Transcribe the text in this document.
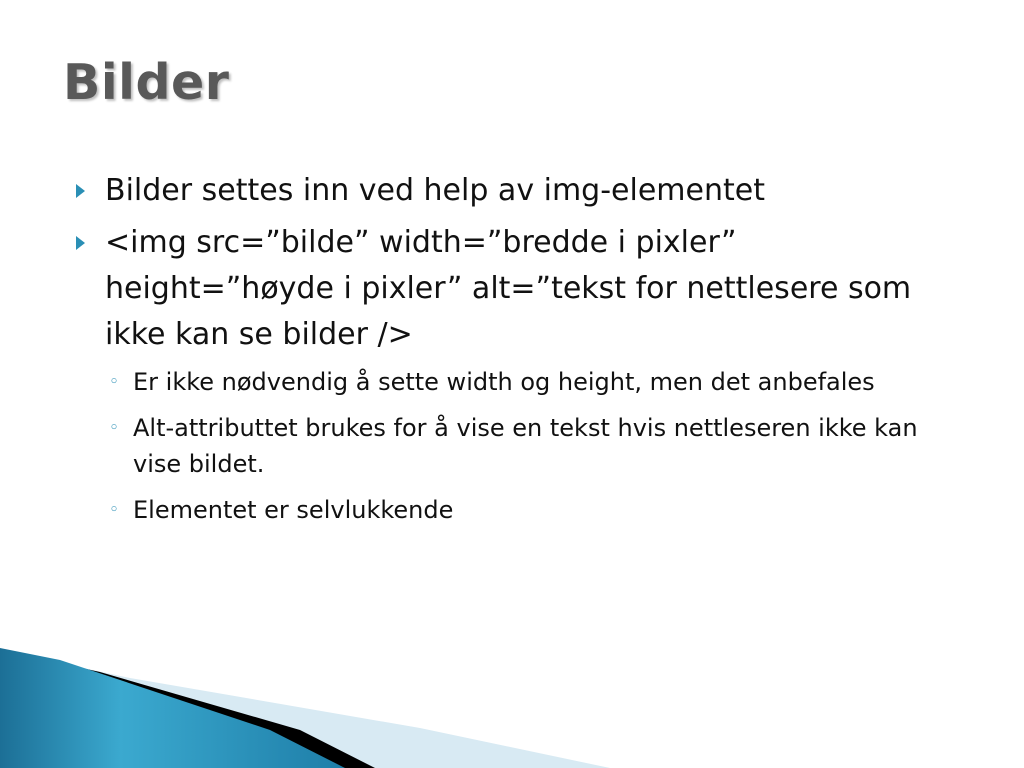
Bilder
Bilder settes inn ved help av img-elementet
<img src=”bilde” width=”bredde i pixler” height=”høyde i pixler” alt=”tekst for nettlesere som ikke kan se bilder />
◦ Er ikke nødvendig å sette width og height, men det anbefales
◦ Alt-attributtet brukes for å vise en tekst hvis nettleseren ikke kan vise bildet.
◦ Elementet er selvlukkende
